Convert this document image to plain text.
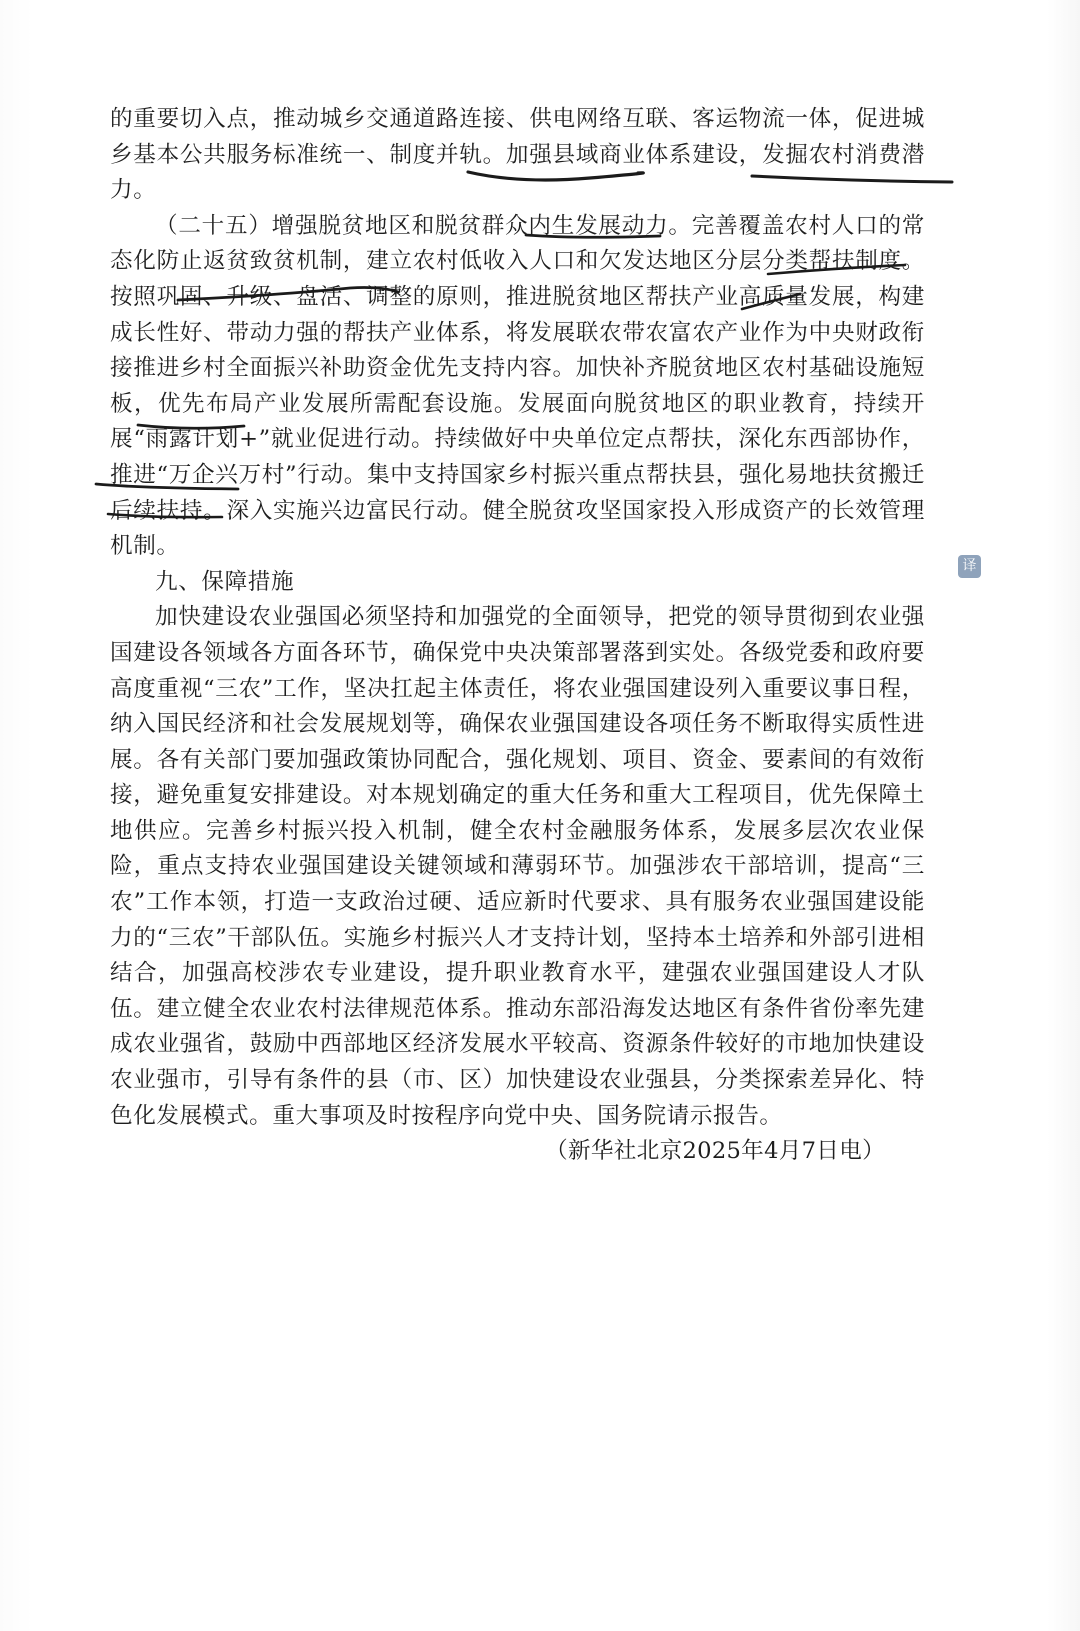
的重要切入点，推动城乡交通道路连接、供电网络互联、客运物流一体，促进城乡基本公共服务标准统一、制度并轨。加强县域商业体系建设，发掘农村消费潜力。

（二十五）增强脱贫地区和脱贫群众内生发展动力。完善覆盖农村人口的常态化防止返贫致贫机制，建立农村低收入人口和欠发达地区分层分类帮扶制度。按照巩固、升级、盘活、调整的原则，推进脱贫地区帮扶产业高质量发展，构建成长性好、带动力强的帮扶产业体系，将发展联农带农富农产业作为中央财政衔接推进乡村全面振兴补助资金优先支持内容。加快补齐脱贫地区农村基础设施短板，优先布局产业发展所需配套设施。发展面向脱贫地区的职业教育，持续开展“雨露计划+”就业促进行动。持续做好中央单位定点帮扶，深化东西部协作，推进“万企兴万村”行动。集中支持国家乡村振兴重点帮扶县，强化易地扶贫搬迁后续扶持。深入实施兴边富民行动。健全脱贫攻坚国家投入形成资产的长效管理机制。

九、保障措施

加快建设农业强国必须坚持和加强党的全面领导，把党的领导贯彻到农业强国建设各领域各方面各环节，确保党中央决策部署落到实处。各级党委和政府要高度重视“三农”工作，坚决扛起主体责任，将农业强国建设列入重要议事日程，纳入国民经济和社会发展规划等，确保农业强国建设各项任务不断取得实质性进展。各有关部门要加强政策协同配合，强化规划、项目、资金、要素间的有效衔接，避免重复安排建设。对本规划确定的重大任务和重大工程项目，优先保障土地供应。完善乡村振兴投入机制，健全农村金融服务体系，发展多层次农业保险，重点支持农业强国建设关键领域和薄弱环节。加强涉农干部培训，提高“三农”工作本领，打造一支政治过硬、适应新时代要求、具有服务农业强国建设能力的“三农”干部队伍。实施乡村振兴人才支持计划，坚持本土培养和外部引进相结合，加强高校涉农专业建设，提升职业教育水平，建强农业强国建设人才队伍。建立健全农业农村法律规范体系。推动东部沿海发达地区有条件省份率先建成农业强省，鼓励中西部地区经济发展水平较高、资源条件较好的市地加快建设农业强市，引导有条件的县（市、区）加快建设农业强县，分类探索差异化、特色化发展模式。重大事项及时按程序向党中央、国务院请示报告。

（新华社北京2025年4月7日电）

译
